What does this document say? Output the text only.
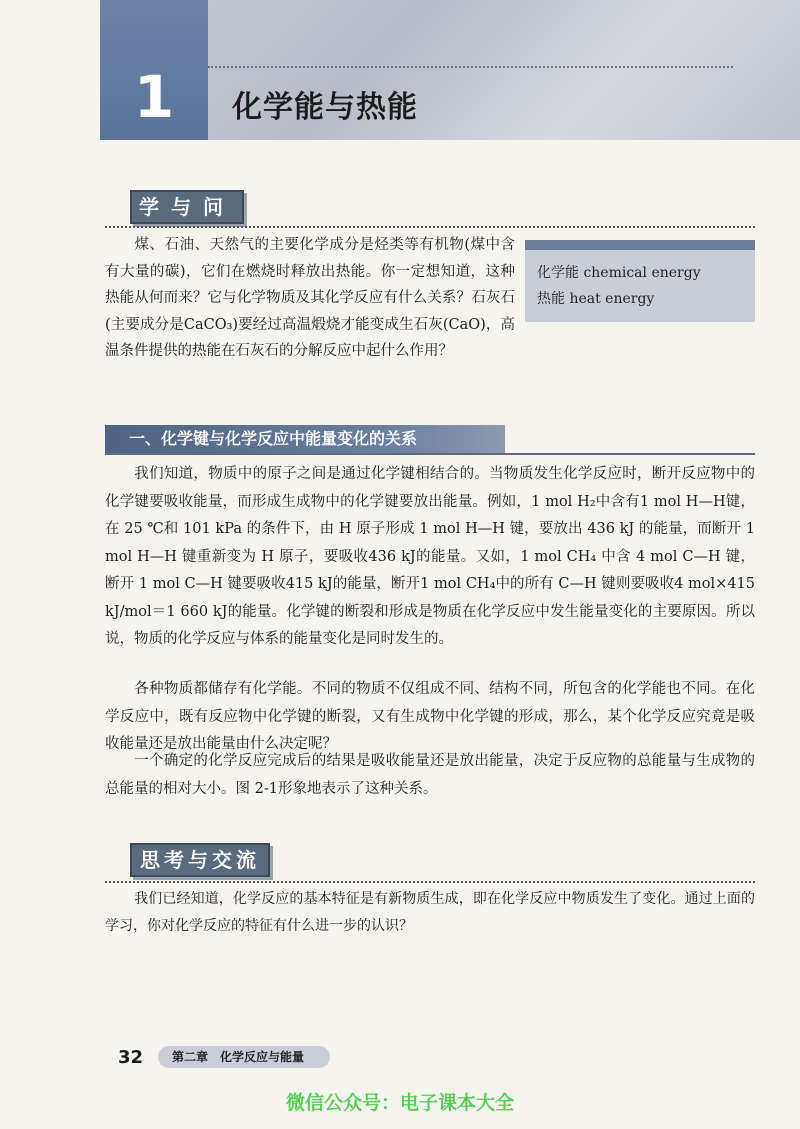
1	化学能与热能
学与问
煤、石油、天然气的主要化学成分是烃类等有机物(煤中含有大量的碳)，它们在燃烧时释放出热能。你一定想知道，这种热能从何而来？它与化学物质及其化学反应有什么关系？石灰石(主要成分是CaCO₃)要经过高温煅烧才能变成生石灰(CaO)，高温条件提供的热能在石灰石的分解反应中起什么作用？
化学能 chemical energy
热能 heat energy
一、化学键与化学反应中能量变化的关系
我们知道，物质中的原子之间是通过化学键相结合的。当物质发生化学反应时，断开反应物中的化学键要吸收能量，而形成生成物中的化学键要放出能量。例如，1 mol H₂中含有1 mol H—H键，在 25 ℃和 101 kPa 的条件下，由 H 原子形成 1 mol H—H 键，要放出 436 kJ 的能量，而断开 1 mol H—H 键重新变为 H 原子，要吸收436 kJ的能量。又如，1 mol CH₄ 中含 4 mol C—H 键，断开 1 mol C—H 键要吸收415 kJ的能量，断开1 mol CH₄中的所有 C—H 键则要吸收4 mol×415 kJ/mol＝1 660 kJ的能量。化学键的断裂和形成是物质在化学反应中发生能量变化的主要原因。所以说，物质的化学反应与体系的能量变化是同时发生的。
各种物质都储存有化学能。不同的物质不仅组成不同、结构不同，所包含的化学能也不同。在化学反应中，既有反应物中化学键的断裂，又有生成物中化学键的形成，那么，某个化学反应究竟是吸收能量还是放出能量由什么决定呢？
一个确定的化学反应完成后的结果是吸收能量还是放出能量，决定于反应物的总能量与生成物的总能量的相对大小。图 2-1形象地表示了这种关系。
思考与交流
我们已经知道，化学反应的基本特征是有新物质生成，即在化学反应中物质发生了变化。通过上面的学习，你对化学反应的特征有什么进一步的认识？
32	第二章　化学反应与能量
微信公众号：电子课本大全
